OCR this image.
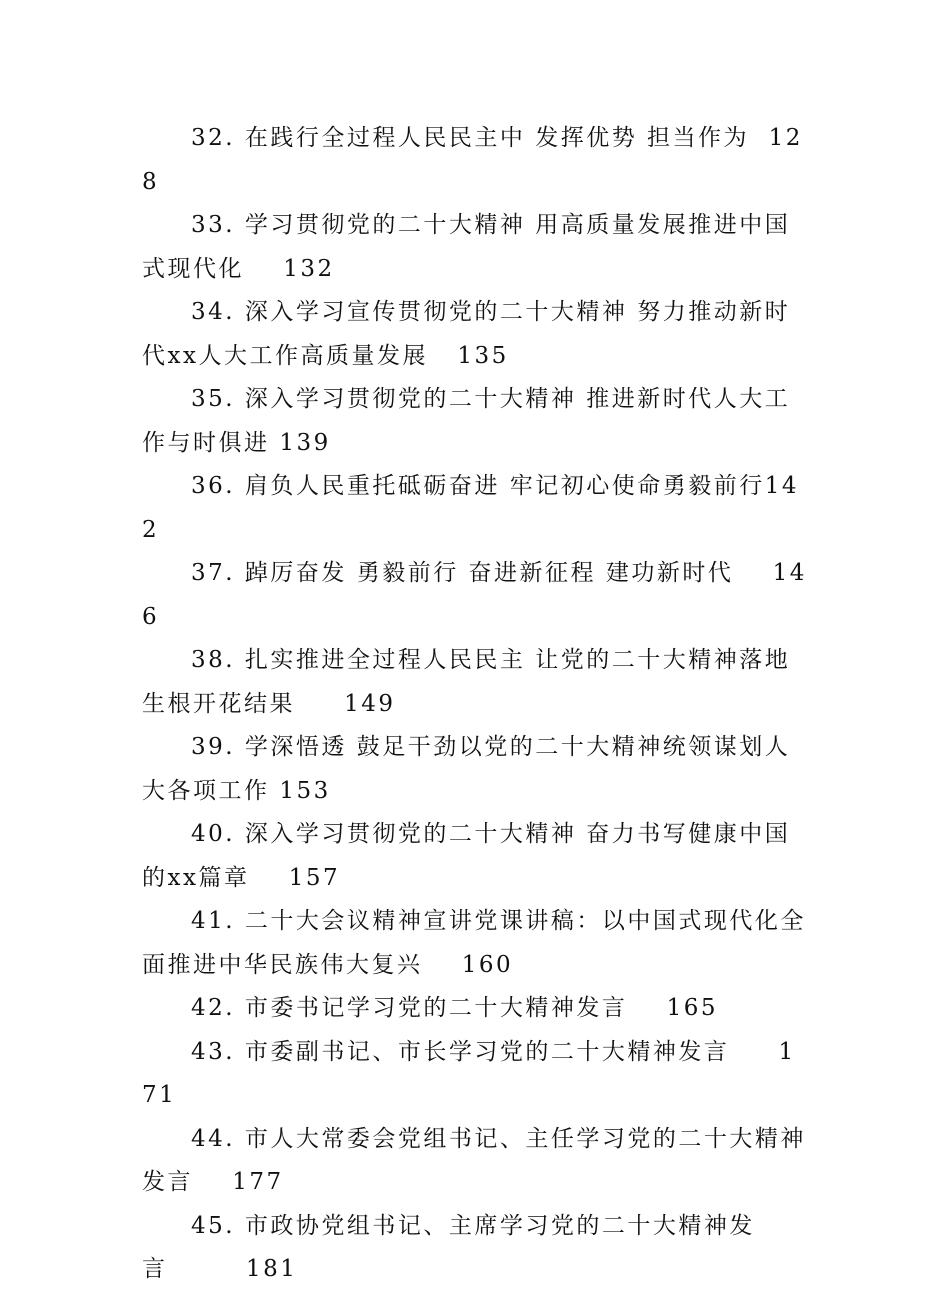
32. 在践行全过程人民民主中 发挥优势 担当作为 128

33. 学习贯彻党的二十大精神 用高质量发展推进中国式现代化 132

34. 深入学习宣传贯彻党的二十大精神 努力推动新时代xx人大工作高质量发展 135

35. 深入学习贯彻党的二十大精神 推进新时代人大工作与时俱进 139

36. 肩负人民重托砥砺奋进 牢记初心使命勇毅前行142

37. 踔厉奋发 勇毅前行 奋进新征程 建功新时代 146

38. 扎实推进全过程人民民主 让党的二十大精神落地生根开花结果 149

39. 学深悟透 鼓足干劲以党的二十大精神统领谋划人大各项工作 153

40. 深入学习贯彻党的二十大精神 奋力书写健康中国的xx篇章 157

41. 二十大会议精神宣讲党课讲稿：以中国式现代化全面推进中华民族伟大复兴 160

42. 市委书记学习党的二十大精神发言 165

43. 市委副书记、市长学习党的二十大精神发言 171

44. 市人大常委会党组书记、主任学习党的二十大精神发言 177

45. 市政协党组书记、主席学习党的二十大精神发言	181
